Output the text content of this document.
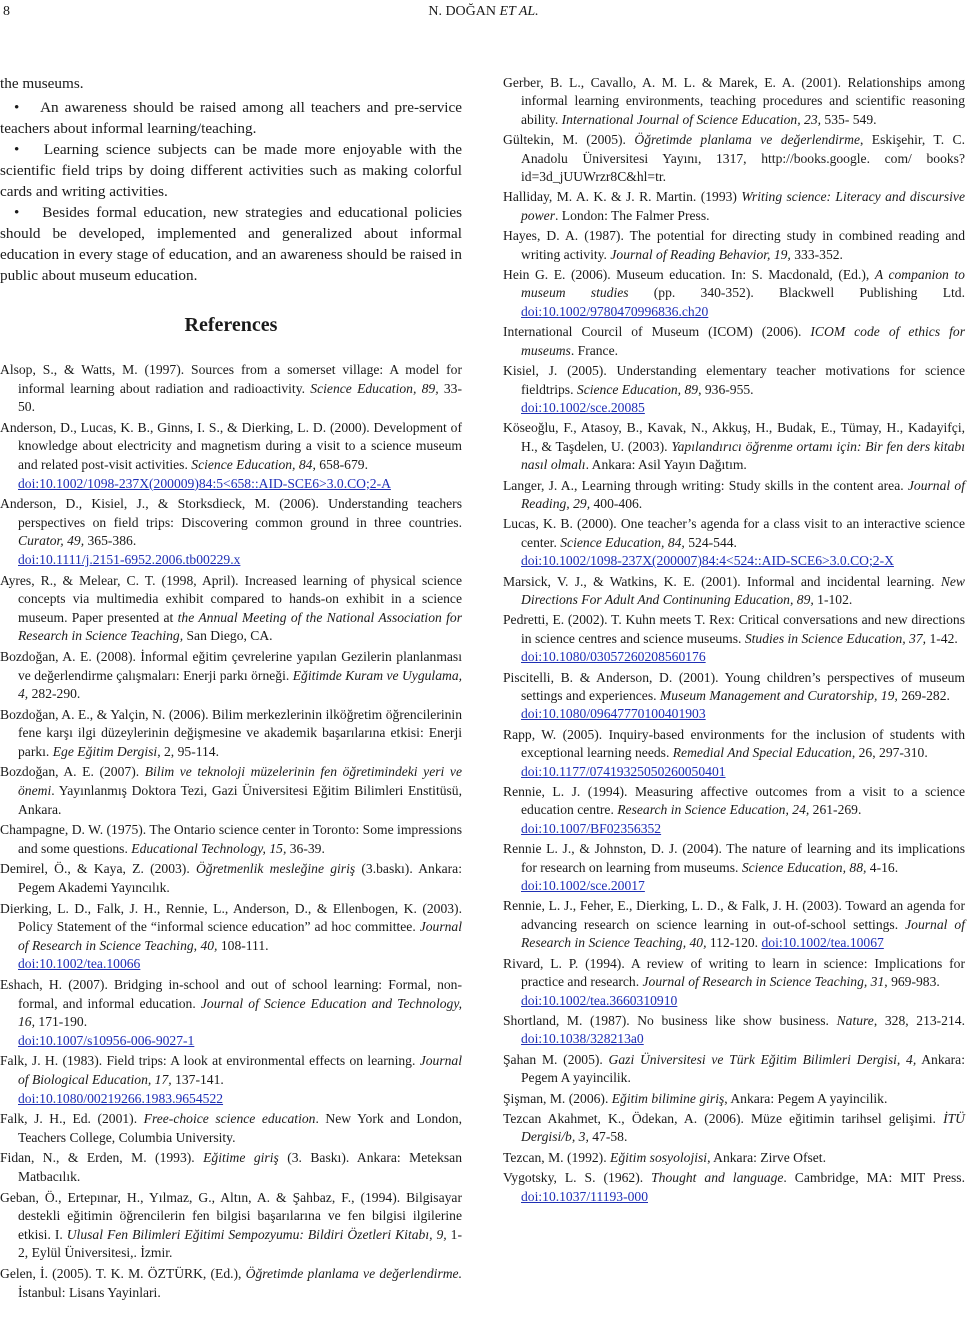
8	N. DOĞAN ET AL.

the museums.

• An awareness should be raised among all teachers and pre-service teachers about informal learning/teaching.

• Learning science subjects can be made more enjoyable with the scientific field trips by doing different activities such as making colorful cards and writing activities.

• Besides formal education, new strategies and educational policies should be developed, implemented and generalized about informal education in every stage of education, and an awareness should be raised in public about museum education.

References

Alsop, S., & Watts, M. (1997). Sources from a somerset village: A model for informal learning about radiation and radioactivity. Science Education, 89, 33-50.

Anderson, D., Lucas, K. B., Ginns, I. S., & Dierking, L. D. (2000). Development of knowledge about electricity and magnetism during a visit to a science museum and related post-visit activities. Science Education, 84, 658-679.
doi:10.1002/1098-237X(200009)84:5<658::AID-SCE6>3.0.CO;2-A

Anderson, D., Kisiel, J., & Storksdieck, M. (2006). Understanding teachers perspectives on field trips: Discovering common ground in three countries. Curator, 49, 365-386.
doi:10.1111/j.2151-6952.2006.tb00229.x

Ayres, R., & Melear, C. T. (1998, April). Increased learning of physical science concepts via multimedia exhibit compared to hands-on exhibit in a science museum. Paper presented at the Annual Meeting of the National Association for Research in Science Teaching, San Diego, CA.

Bozdoğan, A. E. (2008). İnformal eğitim çevrelerine yapılan Gezilerin planlanması ve değerlendirme çalışmaları: Enerji parkı örneği. Eğitimde Kuram ve Uygulama, 4, 282-290.

Bozdoğan, A. E., & Yalçin, N. (2006). Bilim merkezlerinin ilköğretim öğrencilerinin fene karşı ilgi düzeylerinin değişmesine ve akademik başarılarına etkisi: Enerji parkı. Ege Eğitim Dergisi, 2, 95-114.

Bozdoğan, A. E. (2007). Bilim ve teknoloji müzelerinin fen öğretimindeki yeri ve önemi. Yayınlanmış Doktora Tezi, Gazi Üniversitesi Eğitim Bilimleri Enstitüsü, Ankara.

Champagne, D. W. (1975). The Ontario science center in Toronto: Some impressions and some questions. Educational Technology, 15, 36-39.

Demirel, Ö., & Kaya, Z. (2003). Öğretmenlik mesleğine giriş (3.baskı). Ankara: Pegem Akademi Yayıncılık.

Dierking, L. D., Falk, J. H., Rennie, L., Anderson, D., & Ellenbogen, K. (2003). Policy Statement of the “informal science education” ad hoc committee. Journal of Research in Science Teaching, 40, 108-111.
doi:10.1002/tea.10066

Eshach, H. (2007). Bridging in-school and out of school learning: Formal, non-formal, and informal education. Journal of Science Education and Technology, 16, 171-190.
doi:10.1007/s10956-006-9027-1

Falk, J. H. (1983). Field trips: A look at environmental effects on learning. Journal of Biological Education, 17, 137-141.
doi:10.1080/00219266.1983.9654522

Falk, J. H., Ed. (2001). Free-choice science education. New York and London, Teachers College, Columbia University.

Fidan, N., & Erden, M. (1993). Eğitime giriş (3. Baskı). Ankara: Meteksan Matbacılık.

Geban, Ö., Ertepınar, H., Yılmaz, G., Altın, A. & Şahbaz, F., (1994). Bilgisayar destekli eğitimin öğrencilerin fen bilgisi başarılarına ve fen bilgisi ilgilerine etkisi. I. Ulusal Fen Bilimleri Eğitimi Sempozyumu: Bildiri Özetleri Kitabı, 9, 1-2, Eylül Üniversitesi,. İzmir.

Gelen, İ. (2005). T. K. M. ÖZTÜRK, (Ed.), Öğretimde planlama ve değerlendirme. İstanbul: Lisans Yayinlari.

Gerber, B. L., Cavallo, A. M. L. & Marek, E. A. (2001). Relationships among informal learning environments, teaching procedures and scientific reasoning ability. International Journal of Science Education, 23, 535- 549.

Gültekin, M. (2005). Öğretimde planlama ve değerlendirme, Eskişehir, T. C. Anadolu Üniversitesi Yayını, 1317, http://books.google. com/ books?id=3d_jUUWrzr8C&hl=tr.

Halliday, M. A. K. & J. R. Martin. (1993) Writing science: Literacy and discursive power. London: The Falmer Press.

Hayes, D. A. (1987). The potential for directing study in combined reading and writing activity. Journal of Reading Behavior, 19, 333-352.

Hein G. E. (2006). Museum education. In: S. Macdonald, (Ed.), A companion to museum studies (pp. 340-352). Blackwell Publishing Ltd. doi:10.1002/9780470996836.ch20

International Courcil of Museum (ICOM) (2006). ICOM code of ethics for museums. France.

Kisiel, J. (2005). Understanding elementary teacher motivations for science fieldtrips. Science Education, 89, 936-955.
doi:10.1002/sce.20085

Köseoğlu, F., Atasoy, B., Kavak, N., Akkuş, H., Budak, E., Tümay, H., Kadayifçi, H., & Taşdelen, U. (2003). Yapılandırıcı öğrenme ortamı için: Bir fen ders kitabı nasıl olmalı. Ankara: Asil Yayın Dağıtım.

Langer, J. A., Learning through writing: Study skills in the content area. Journal of Reading, 29, 400-406.

Lucas, K. B. (2000). One teacher’s agenda for a class visit to an interactive science center. Science Education, 84, 524-544.
doi:10.1002/1098-237X(200007)84:4<524::AID-SCE6>3.0.CO;2-X

Marsick, V. J., & Watkins, K. E. (2001). Informal and incidental learning. New Directions For Adult And Continuning Education, 89, 1-102.

Pedretti, E. (2002). T. Kuhn meets T. Rex: Critical conversations and new directions in science centres and science museums. Studies in Science Education, 37, 1-42.
doi:10.1080/03057260208560176

Piscitelli, B. & Anderson, D. (2001). Young children’s perspectives of museum settings and experiences. Museum Management and Curatorship, 19, 269-282.
doi:10.1080/09647770100401903

Rapp, W. (2005). Inquiry-based environments for the inclusion of students with exceptional learning needs. Remedial And Special Education, 26, 297-310.
doi:10.1177/07419325050260050401

Rennie, L. J. (1994). Measuring affective outcomes from a visit to a science education centre. Research in Science Education, 24, 261-269.
doi:10.1007/BF02356352

Rennie L. J., & Johnston, D. J. (2004). The nature of learning and its implications for research on learning from museums. Science Education, 88, 4-16.
doi:10.1002/sce.20017

Rennie, L. J., Feher, E., Dierking, L. D., & Falk, J. H. (2003). Toward an agenda for advancing research on science learning in out-of-school settings. Journal of Research in Science Teaching, 40, 112-120. doi:10.1002/tea.10067

Rivard, L. P. (1994). A review of writing to learn in science: Implications for practice and research. Journal of Research in Science Teaching, 31, 969-983.
doi:10.1002/tea.3660310910

Shortland, M. (1987). No business like show business. Nature, 328, 213-214. doi:10.1038/328213a0

Şahan M. (2005). Gazi Üniversitesi ve Türk Eğitim Bilimleri Dergisi, 4, Ankara: Pegem A yayincilik.

Şişman, M. (2006). Eğitim bilimine giriş, Ankara: Pegem A yayincilik.

Tezcan Akahmet, K., Ödekan, A. (2006). Müze eğitimin tarihsel gelişimi. İTÜ Dergisi/b, 3, 47-58.

Tezcan, M. (1992). Eğitim sosyolojisi, Ankara: Zirve Ofset.

Vygotsky, L. S. (1962). Thought and language. Cambridge, MA: MIT Press. doi:10.1037/11193-000
